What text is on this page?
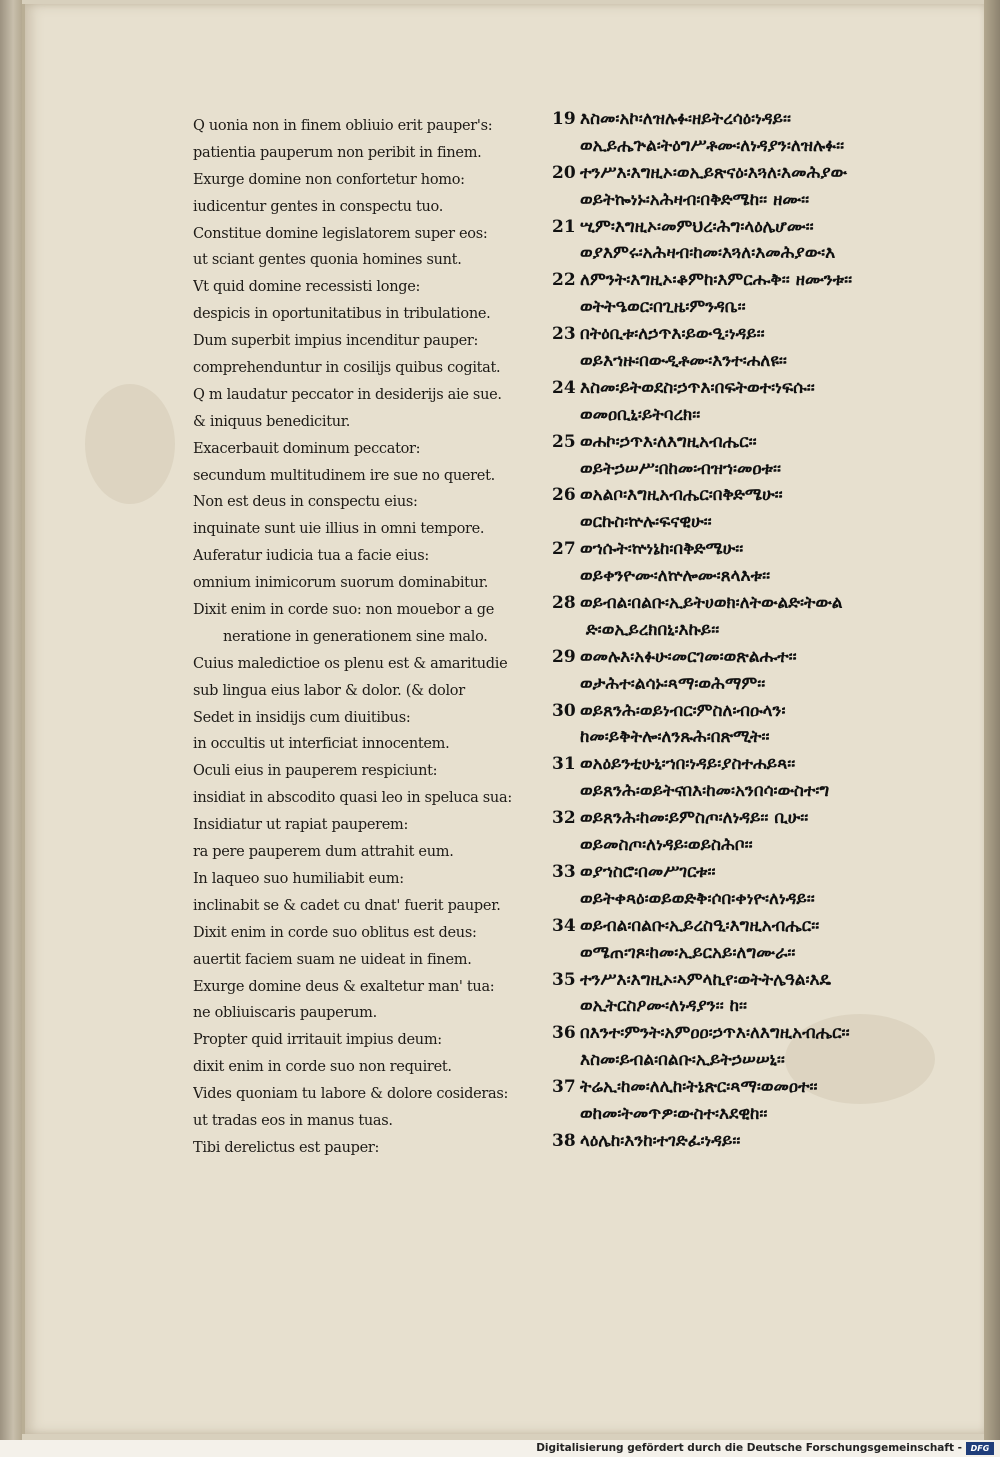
Q uonia non in finem obliuio erit pauper's:
patientia pauperum non peribit in finem.
Exurge domine non confortetur homo:
iudicentur gentes in conspectu tuo.
Constitue domine legislatorem super eos:
ut sciant gentes quonia homines sunt.
Vt quid domine recessisti longe:
despicis in oportunitatibus in tribulatione.
Dum superbit impius incenditur pauper:
comprehenduntur in cosilijs quibus cogitat.
Q m laudatur peccator in desiderijs aie sue.
& iniquus benedicitur.
Exacerbauit dominum peccator:
secundum multitudinem ire sue no queret.
Non est deus in conspectu eius:
inquinate sunt uie illius in omni tempore.
Auferatur iudicia tua a facie eius:
omnium inimicorum suorum dominabitur.
Dixit enim in corde suo: non mouebor a ge
neratione in generationem sine malo.
Cuius maledictioe os plenu est & amaritudie
sub lingua eius labor & dolor. (& dolor
Sedet in insidijs cum diuitibus:
in occultis ut interficiat innocentem.
Oculi eius in pauperem respiciunt:
insidiat in abscodito quasi leo in speluca sua:
Insidiatur ut rapiat pauperem:
ra pere pauperem dum attrahit eum.
In laqueo suo humiliabit eum:
inclinabit se & cadet cu dnat' fuerit pauper.
Dixit enim in corde suo oblitus est deus:
auertit faciem suam ne uideat in finem.
Exurge domine deus & exaltetur man' tua:
ne obliuiscaris pauperum.
Propter quid irritauit impius deum:
dixit enim in corde suo non requiret.
Vides quoniam tu labore & dolore cosideras:
ut tradas eos in manus tuas.
Tibi derelictus est pauper:
19 እስመ፡አኮ፡ለዝሉፉ፡ዘይትረሳዕ፡ነዳይ፡፡
ወኢይሔጕል፡ትዕግሥቶሙ፡ለነዳያን፡ለዝሉፉ፡፡
20 ተንሥእ፡እግዚኦ፡ወኢይጽናዕ፡እጓለ፡እመሕያው
ወይትኰነኑ፡አሕዛብ፡በቅድሜከ፡፡ ዘሙ፡፡
21 ሢም፡እግዚኦ፡መምህረ፡ሕግ፡ላዕሌሆሙ፡፡
ወያእምሩ፡አሕዛብ፡ከመ፡እጓለ፡እመሕያው፡እ
22 ለምንት፡እግዚኦ፡ቆምከ፡እምርሑቅ፡፡ ዘሙንቱ፡፡
ወትትዔወር፡በጊዜ፡ምንዳቤ፡፡
23 በትዕቢቱ፡ለኃጥእ፡ይውዒ፡ነዳይ፡፡
ወይእኀዙ፡በውዲቶሙ፡እንተ፡ሐለዩ፡፡
24 እስመ፡ይትወደስ፡ኃጥእ፡በፍትወተ፡ነፍሱ፡፡
ወመዐቢኒ፡ይትባረክ፡፡
25 ወሐኮ፡ኃጥእ፡ለእግዚአብሔር፡፡
ወይትኃሠሥ፡በከመ፡ብዝኀ፡መዐቱ፡፡
26 ወአልቦ፡እግዚአብሔር፡በቅድሜሁ፡፡
ወርኩስ፡ኵሉ፡ፍናዊሁ፡፡
27 ወኀሱት፡ኵነኔከ፡በቅድሜሁ፡፡
ወይቀንዮሙ፡ለኵሎሙ፡ጸላእቱ፡፡
28 ወይብል፡በልቡ፡ኢይትሀወክ፡ለትውልድ፡ትውል
ድ፡ወኢይረክበኒ፡እኩይ፡፡
29 ወመሉእ፡አፉሁ፡መርገመ፡ወጽልሑተ፡፡
ወታሕተ፡ልሳኑ፡ጻማ፡ወሕማም፡፡
30 ወይጸንሕ፡ወይነብር፡ምስለ፡ብዑላን፡
ከመ፡ይቅትሎ፡ለንጹሕ፡በጽሚት፡፡
31 ወአዕይንቲሁኒ፡ኀበ፡ነዳይ፡ያስተሐይጻ፡፡
ወይጸንሕ፡ወይትናበእ፡ከመ፡አንበሳ፡ውስተ፡ግ
32 ወይጸንሕ፡ከመ፡ይምስጦ፡ለነዳይ፡፡ ቢሁ፡፡
ወይመስጦ፡ለነዳይ፡ወይስሕቦ፡፡
33 ወያኀስሮ፡በመሥገርቱ፡፡
ወይትቀጻዕ፡ወይወድቅ፡ሶበ፡ቀነዮ፡ለነዳይ፡፡
34 ወይብል፡በልቡ፡ኢይረስዒ፡እግዚአብሔር፡፡
ወሜጠ፡ገጾ፡ከመ፡ኢይርአይ፡ለግሙራ፡፡
35 ተንሥእ፡እግዚኦ፡ኣምላኪየ፡ወትትሌዓል፡እዴ
ወኢትርስዖሙ፡ለነዳያን፡፡ ከ፡፡
36 በእንተ፡ምንት፡አምዐዐ፡ኃጥእ፡ለእግዚአብሔር፡፡
እስመ፡ይብል፡በልቡ፡ኢይትኃሠሠኒ፡፡
37 ትሬኢ፡ከመ፡ለሊከ፡ትኔጽር፡ጻማ፡ወመዐተ፡፡
ወከመ፡ትመጥዎ፡ውስተ፡እደዊከ፡፡
38 ላዕሌከ፡እንከ፡ተገድፈ፡ነዳይ፡፡
Digitalisierung gefördert durch die Deutsche Forschungsgemeinschaft -	DFG
